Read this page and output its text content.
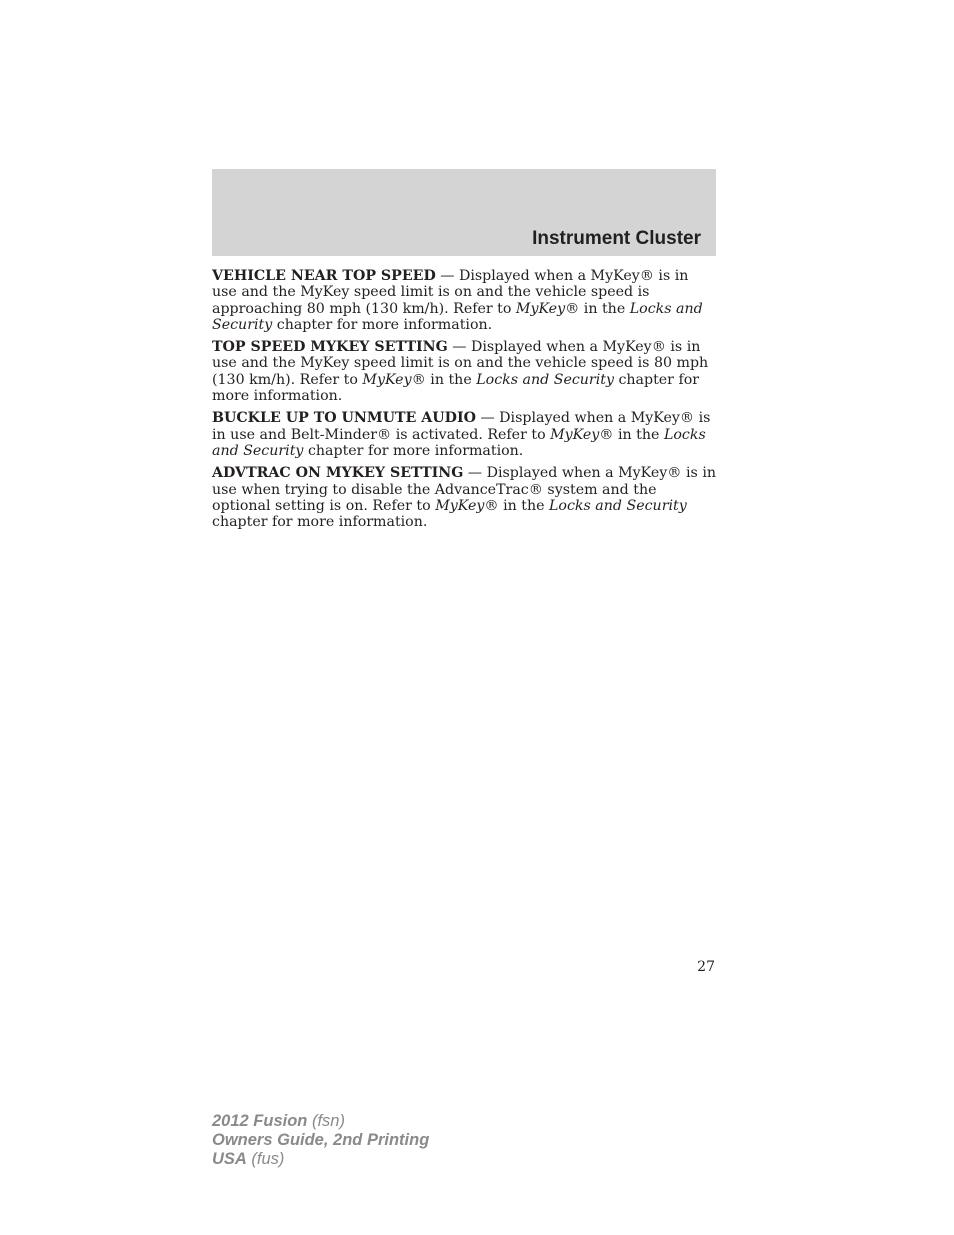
Instrument Cluster

VEHICLE NEAR TOP SPEED — Displayed when a MyKey® is in use and the MyKey speed limit is on and the vehicle speed is approaching 80 mph (130 km/h). Refer to MyKey® in the Locks and Security chapter for more information.

TOP SPEED MYKEY SETTING — Displayed when a MyKey® is in use and the MyKey speed limit is on and the vehicle speed is 80 mph (130 km/h). Refer to MyKey® in the Locks and Security chapter for more information.

BUCKLE UP TO UNMUTE AUDIO — Displayed when a MyKey® is in use and Belt-Minder® is activated. Refer to MyKey® in the Locks and Security chapter for more information.

ADVTRAC ON MYKEY SETTING — Displayed when a MyKey® is in use when trying to disable the AdvanceTrac® system and the optional setting is on. Refer to MyKey® in the Locks and Security chapter for more information.

27
2012 Fusion (fsn)
Owners Guide, 2nd Printing
USA (fus)
